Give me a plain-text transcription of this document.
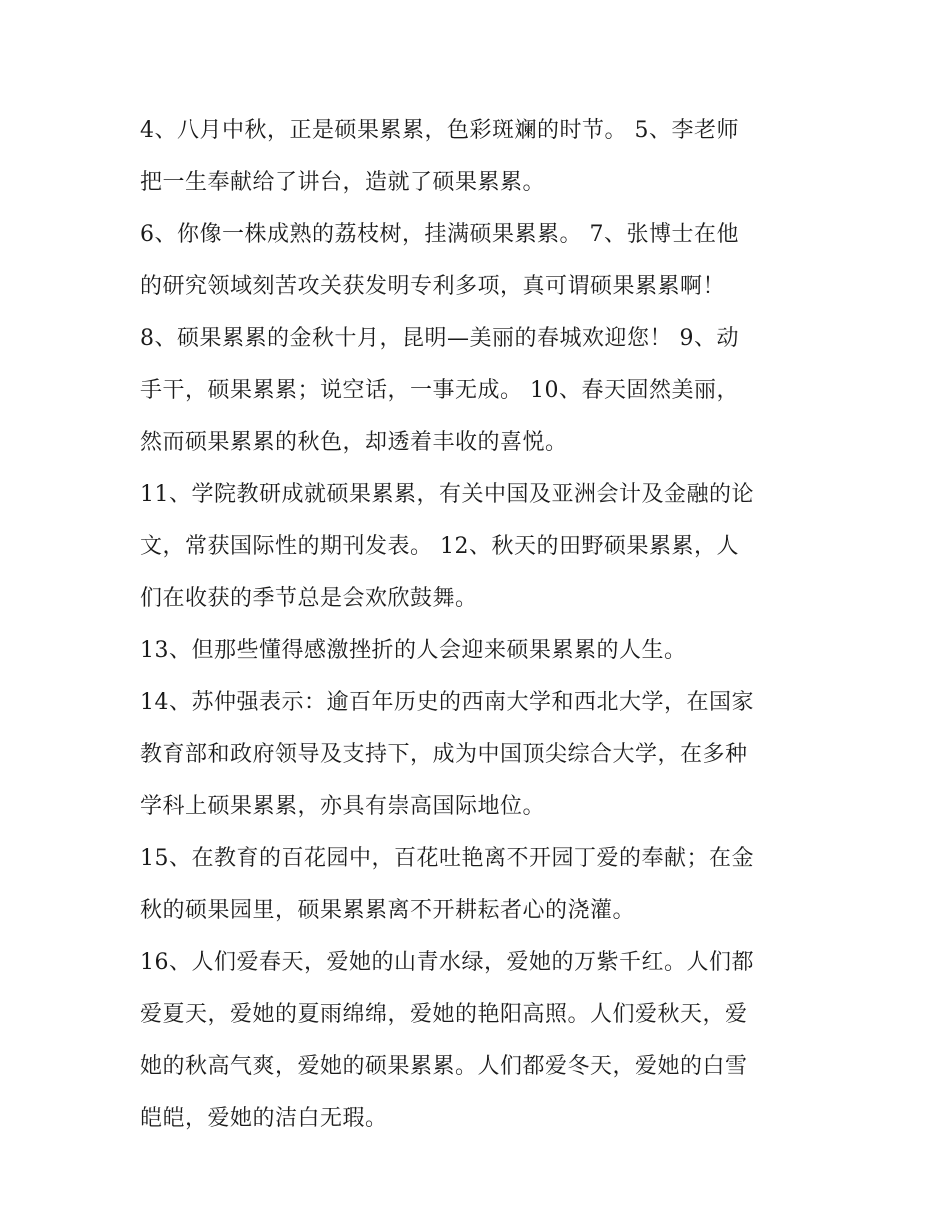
4、八月中秋，正是硕果累累，色彩斑斓的时节。 5、李老师
把一生奉献给了讲台，造就了硕果累累。
6、你像一株成熟的荔枝树，挂满硕果累累。 7、张博士在他
的研究领域刻苦攻关获发明专利多项，真可谓硕果累累啊！
8、硕果累累的金秋十月，昆明—美丽的春城欢迎您！ 9、动
手干，硕果累累；说空话，一事无成。 10、春天固然美丽，
然而硕果累累的秋色，却透着丰收的喜悦。
11、学院教研成就硕果累累，有关中国及亚洲会计及金融的论
文，常获国际性的期刊发表。 12、秋天的田野硕果累累，人
们在收获的季节总是会欢欣鼓舞。
13、但那些懂得感激挫折的人会迎来硕果累累的人生。
14、苏仲强表示：逾百年历史的西南大学和西北大学，在国家
教育部和政府领导及支持下，成为中国顶尖综合大学，在多种
学科上硕果累累，亦具有崇高国际地位。
15、在教育的百花园中，百花吐艳离不开园丁爱的奉献；在金
秋的硕果园里，硕果累累离不开耕耘者心的浇灌。
16、人们爱春天，爱她的山青水绿，爱她的万紫千红。人们都
爱夏天，爱她的夏雨绵绵，爱她的艳阳高照。人们爱秋天，爱
她的秋高气爽，爱她的硕果累累。人们都爱冬天，爱她的白雪
皑皑，爱她的洁白无瑕。
